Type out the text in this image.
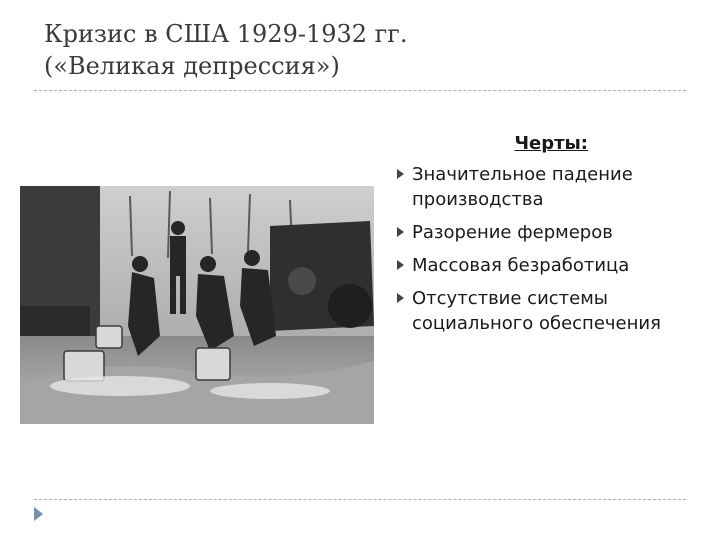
Кризис в США 1929-1932 гг.
(«Великая депрессия»)
Черты:
Значительное падение производства
Разорение фермеров
Массовая безработица
Отсутствие системы социального обеспечения
